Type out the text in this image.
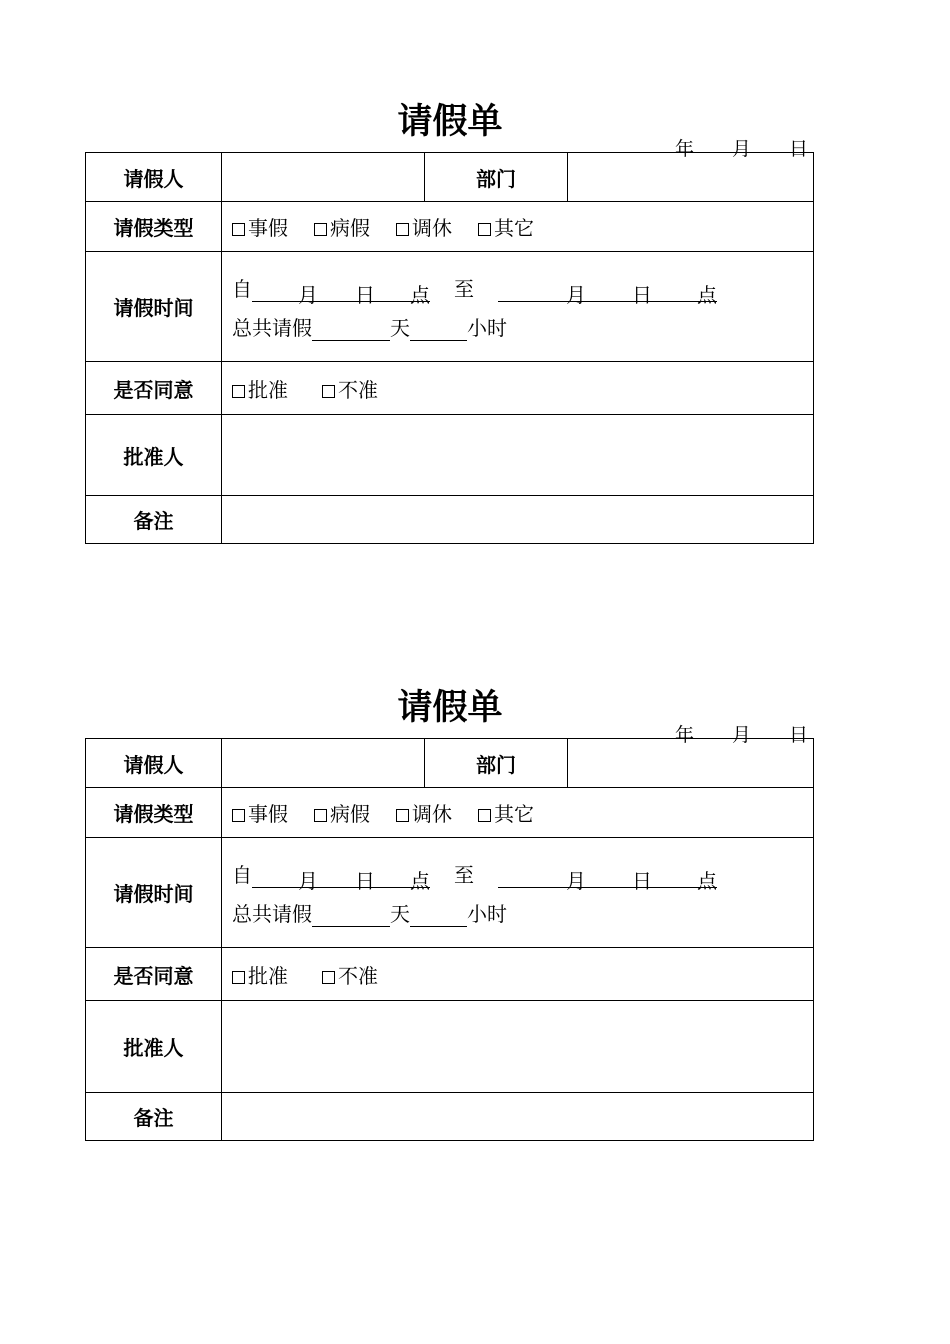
请假单
年 月 日
请假人		部门	
请假类型	事假 病假 调休 其它		
请假时间	自 月 日 点 至 月 日 点
总共请假 天 小时		

是否同意	批准 不准		
批准人			
备注			
请假单
年 月 日
请假人		部门	
请假类型	事假 病假 调休 其它		
请假时间	自 月 日 点 至 月 日 点
总共请假 天 小时		

是否同意	批准 不准		
批准人			
备注			
